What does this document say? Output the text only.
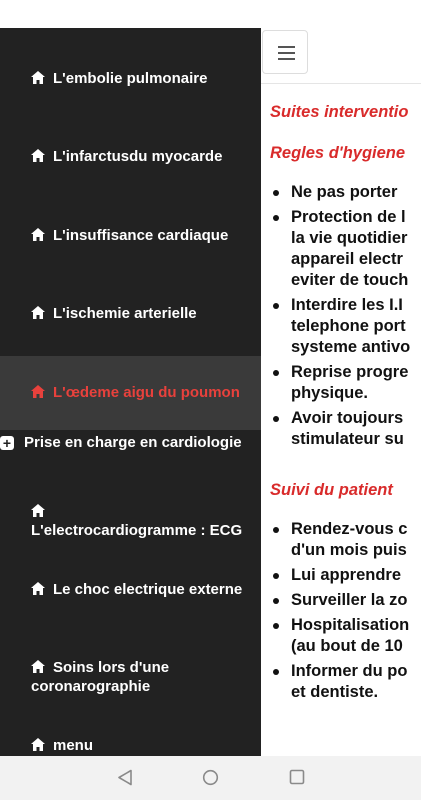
L'embolie pulmonaire
L'infarctusdu myocarde
L'insuffisance cardiaque
L'ischemie arterielle
L'œdeme aigu du poumon
+ Prise en charge en cardiologie

L'electrocardiogramme : ECG
Le choc electrique externe
Soins lors d'une coronarographie
menu
Suites interventio
Regles d'hygiene
Ne pas porter
Protection de l
la vie quotidier
appareil electr
eviter de touch
Interdire les I.I
telephone port
systeme antivo
Reprise progre
physique.
Avoir toujours
stimulateur su
Suivi du patient
Rendez-vous c
d'un mois puis
Lui apprendre
Surveiller la zo
Hospitalisation
(au bout de 10
Informer du po
et dentiste.
